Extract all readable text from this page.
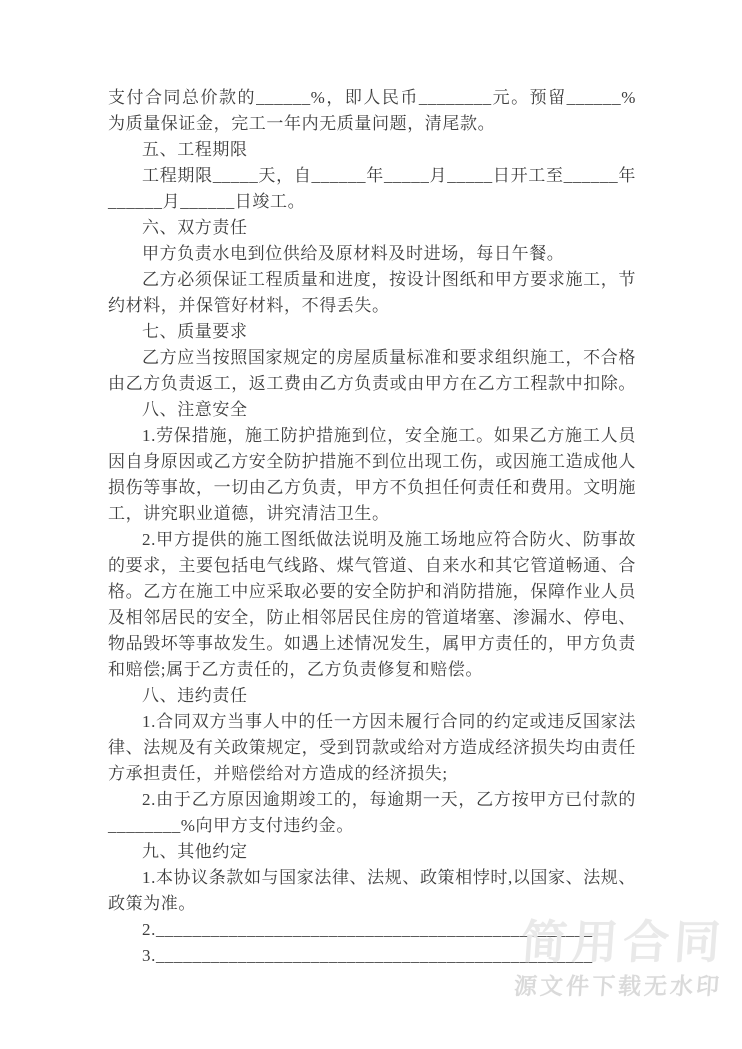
支付合同总价款的______%，即人民币________元。预留______%为质量保证金，完工一年内无质量问题，清尾款。

五、工程期限

工程期限_____天，自______年_____月_____日开工至______年______月______日竣工。

六、双方责任

甲方负责水电到位供给及原材料及时进场，每日午餐。

乙方必须保证工程质量和进度，按设计图纸和甲方要求施工，节约材料，并保管好材料，不得丢失。

七、质量要求

乙方应当按照国家规定的房屋质量标准和要求组织施工，不合格由乙方负责返工，返工费由乙方负责或由甲方在乙方工程款中扣除。

八、注意安全

1.劳保措施，施工防护措施到位，安全施工。如果乙方施工人员因自身原因或乙方安全防护措施不到位出现工伤，或因施工造成他人损伤等事故，一切由乙方负责，甲方不负担任何责任和费用。文明施工，讲究职业道德，讲究清洁卫生。

2.甲方提供的施工图纸做法说明及施工场地应符合防火、防事故的要求，主要包括电气线路、煤气管道、自来水和其它管道畅通、合格。乙方在施工中应采取必要的安全防护和消防措施，保障作业人员及相邻居民的安全，防止相邻居民住房的管道堵塞、渗漏水、停电、物品毁坏等事故发生。如遇上述情况发生，属甲方责任的，甲方负责和赔偿;属于乙方责任的，乙方负责修复和赔偿。

八、违约责任

1.合同双方当事人中的任一方因未履行合同的约定或违反国家法律、法规及有关政策规定，受到罚款或给对方造成经济损失均由责任方承担责任，并赔偿给对方造成的经济损失;

2.由于乙方原因逾期竣工的，每逾期一天，乙方按甲方已付款的________%向甲方支付违约金。

九、其他约定

1.本协议条款如与国家法律、法规、政策相悖时,以国家、法规、政策为准。

2.________________________________________________

3.________________________________________________

简用合同
源文件下载无水印
